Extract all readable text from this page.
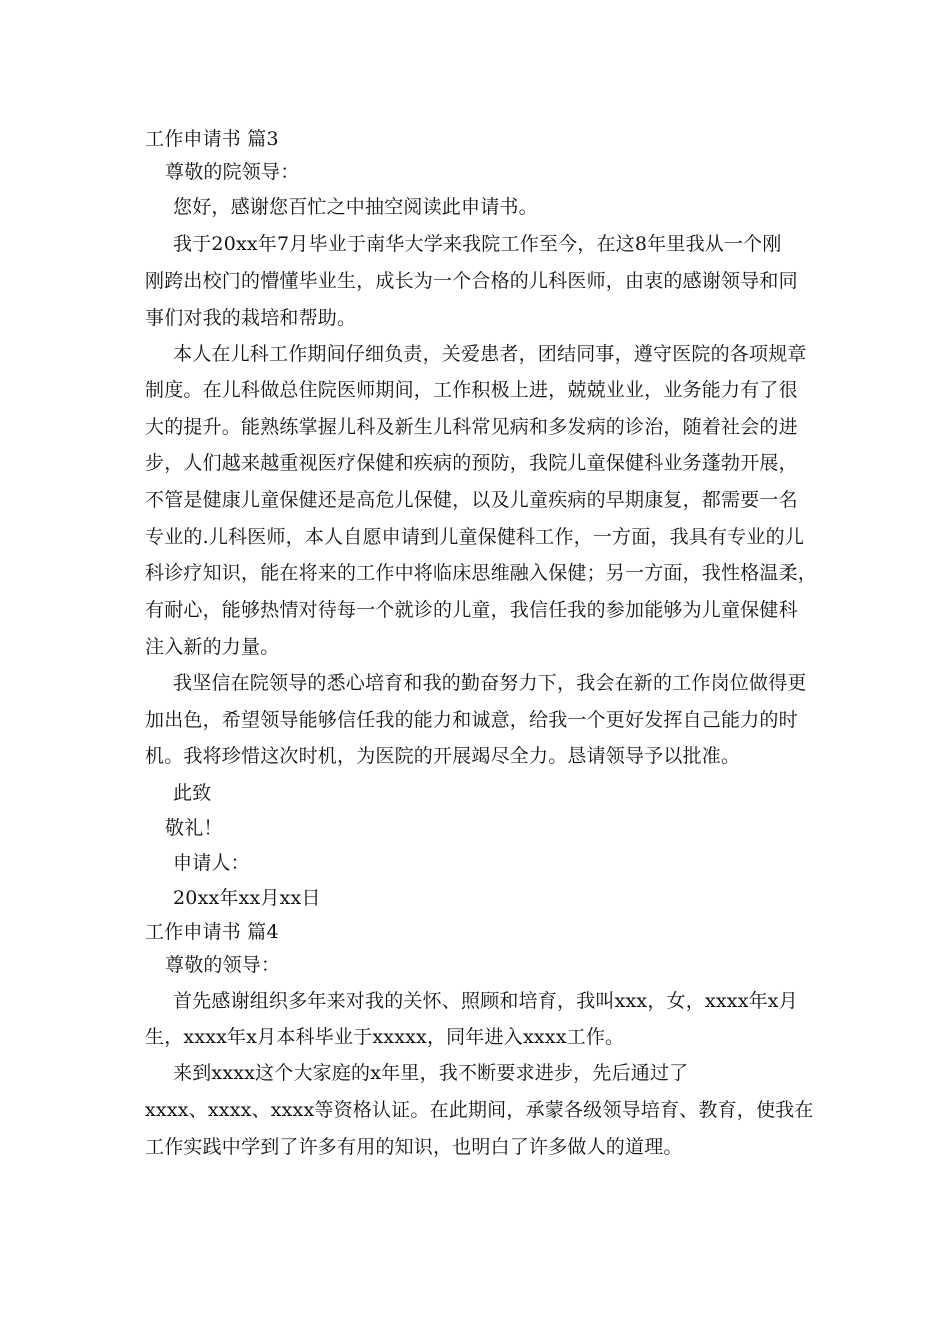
工作申请书 篇3
尊敬的院领导：
您好，感谢您百忙之中抽空阅读此申请书。
我于20xx年7月毕业于南华大学来我院工作至今，在这8年里我从一个刚
刚跨出校门的懵懂毕业生，成长为一个合格的儿科医师，由衷的感谢领导和同
事们对我的栽培和帮助。
本人在儿科工作期间仔细负责，关爱患者，团结同事，遵守医院的各项规章
制度。在儿科做总住院医师期间，工作积极上进，兢兢业业，业务能力有了很
大的提升。能熟练掌握儿科及新生儿科常见病和多发病的诊治，随着社会的进
步，人们越来越重视医疗保健和疾病的预防，我院儿童保健科业务蓬勃开展，
不管是健康儿童保健还是高危儿保健，以及儿童疾病的早期康复，都需要一名
专业的.儿科医师，本人自愿申请到儿童保健科工作，一方面，我具有专业的儿
科诊疗知识，能在将来的工作中将临床思维融入保健；另一方面，我性格温柔，
有耐心，能够热情对待每一个就诊的儿童，我信任我的参加能够为儿童保健科
注入新的力量。
我坚信在院领导的悉心培育和我的勤奋努力下，我会在新的工作岗位做得更
加出色，希望领导能够信任我的能力和诚意，给我一个更好发挥自己能力的时
机。我将珍惜这次时机，为医院的开展竭尽全力。恳请领导予以批准。
此致
敬礼！
申请人：
20xx年xx月xx日
工作申请书 篇4
尊敬的领导：
首先感谢组织多年来对我的关怀、照顾和培育，我叫xxx，女，xxxx年x月
生，xxxx年x月本科毕业于xxxxx，同年进入xxxx工作。
来到xxxx这个大家庭的x年里，我不断要求进步，先后通过了
xxxx、xxxx、xxxx等资格认证。在此期间，承蒙各级领导培育、教育，使我在
工作实践中学到了许多有用的知识，也明白了许多做人的道理。
